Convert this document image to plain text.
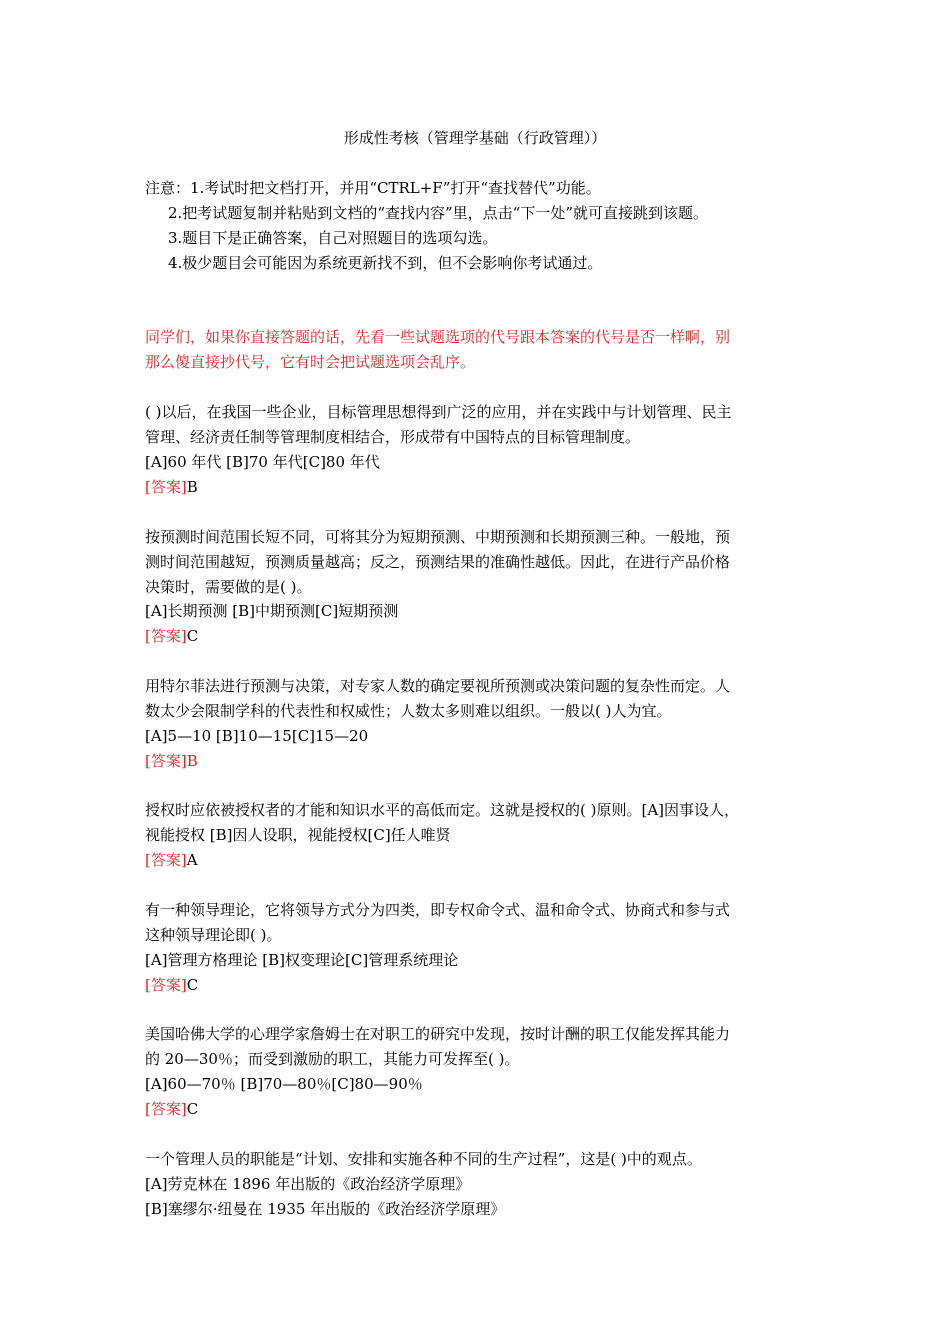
形成性考核（管理学基础（行政管理））
注意：1.考试时把文档打开，并用“CTRL+F”打开“查找替代”功能。
2.把考试题复制并粘贴到文档的“查找内容”里，点击“下一处”就可直接跳到该题。
3.题目下是正确答案，自己对照题目的选项勾选。
4.极少题目会可能因为系统更新找不到，但不会影响你考试通过。
同学们，如果你直接答题的话，先看一些试题选项的代号跟本答案的代号是否一样啊，别
那么傻直接抄代号，它有时会把试题选项会乱序。
( )以后，在我国一些企业，目标管理思想得到广泛的应用，并在实践中与计划管理、民主
管理、经济责任制等管理制度相结合，形成带有中国特点的目标管理制度。
[A]60 年代 [B]70 年代[C]80 年代
[答案]B
按预测时间范围长短不同，可将其分为短期预测、中期预测和长期预测三种。一般地，预
测时间范围越短，预测质量越高；反之，预测结果的准确性越低。因此，在进行产品价格
决策时，需要做的是( )。
[A]长期预测 [B]中期预测[C]短期预测
[答案]C
用特尔菲法进行预测与决策，对专家人数的确定要视所预测或决策问题的复杂性而定。人
数太少会限制学科的代表性和权威性；人数太多则难以组织。一般以( )人为宜。
[A]5—10 [B]10—15[C]15—20
[答案]B
授权时应依被授权者的才能和知识水平的高低而定。这就是授权的( )原则。[A]因事设人，
视能授权 [B]因人设职，视能授权[C]任人唯贤
[答案]A
有一种领导理论，它将领导方式分为四类，即专权命令式、温和命令式、协商式和参与式
这种领导理论即( )。
[A]管理方格理论 [B]权变理论[C]管理系统理论
[答案]C
美国哈佛大学的心理学家詹姆士在对职工的研究中发现，按时计酬的职工仅能发挥其能力
的 20—30％；而受到激励的职工，其能力可发挥至( )。
[A]60—70％ [B]70—80％[C]80—90％
[答案]C
一个管理人员的职能是“计划、安排和实施各种不同的生产过程”，这是( )中的观点。
[A]劳克林在 1896 年出版的《政治经济学原理》
[B]塞缪尔·纽曼在 1935 年出版的《政治经济学原理》
